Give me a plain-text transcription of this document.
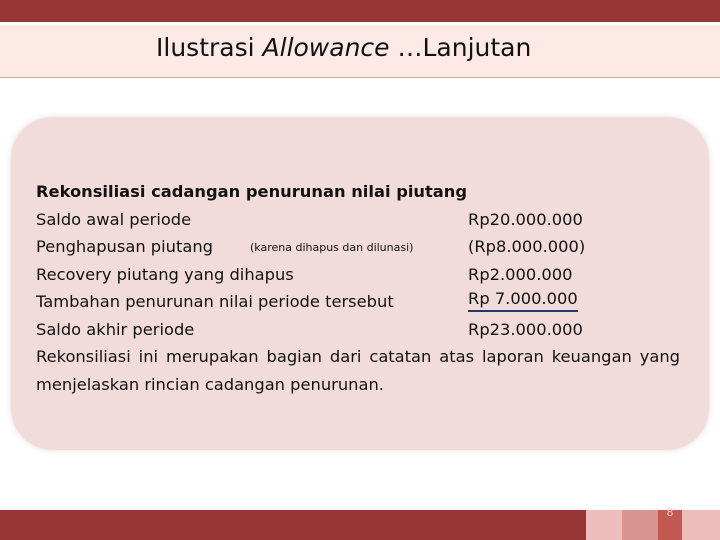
Ilustrasi Allowance …Lanjutan
Rekonsiliasi cadangan penurunan nilai piutang
Saldo awal periode	Rp20.000.000
Penghapusan piutang	(karena dihapus dan dilunasi)	(Rp8.000.000)
Recovery piutang yang dihapus	Rp2.000.000
Tambahan penurunan nilai periode tersebut	Rp 7.000.000
Saldo akhir periode	Rp23.000.000
Rekonsiliasi ini merupakan bagian dari catatan atas laporan keuangan yang menjelaskan rincian cadangan penurunan.
8
